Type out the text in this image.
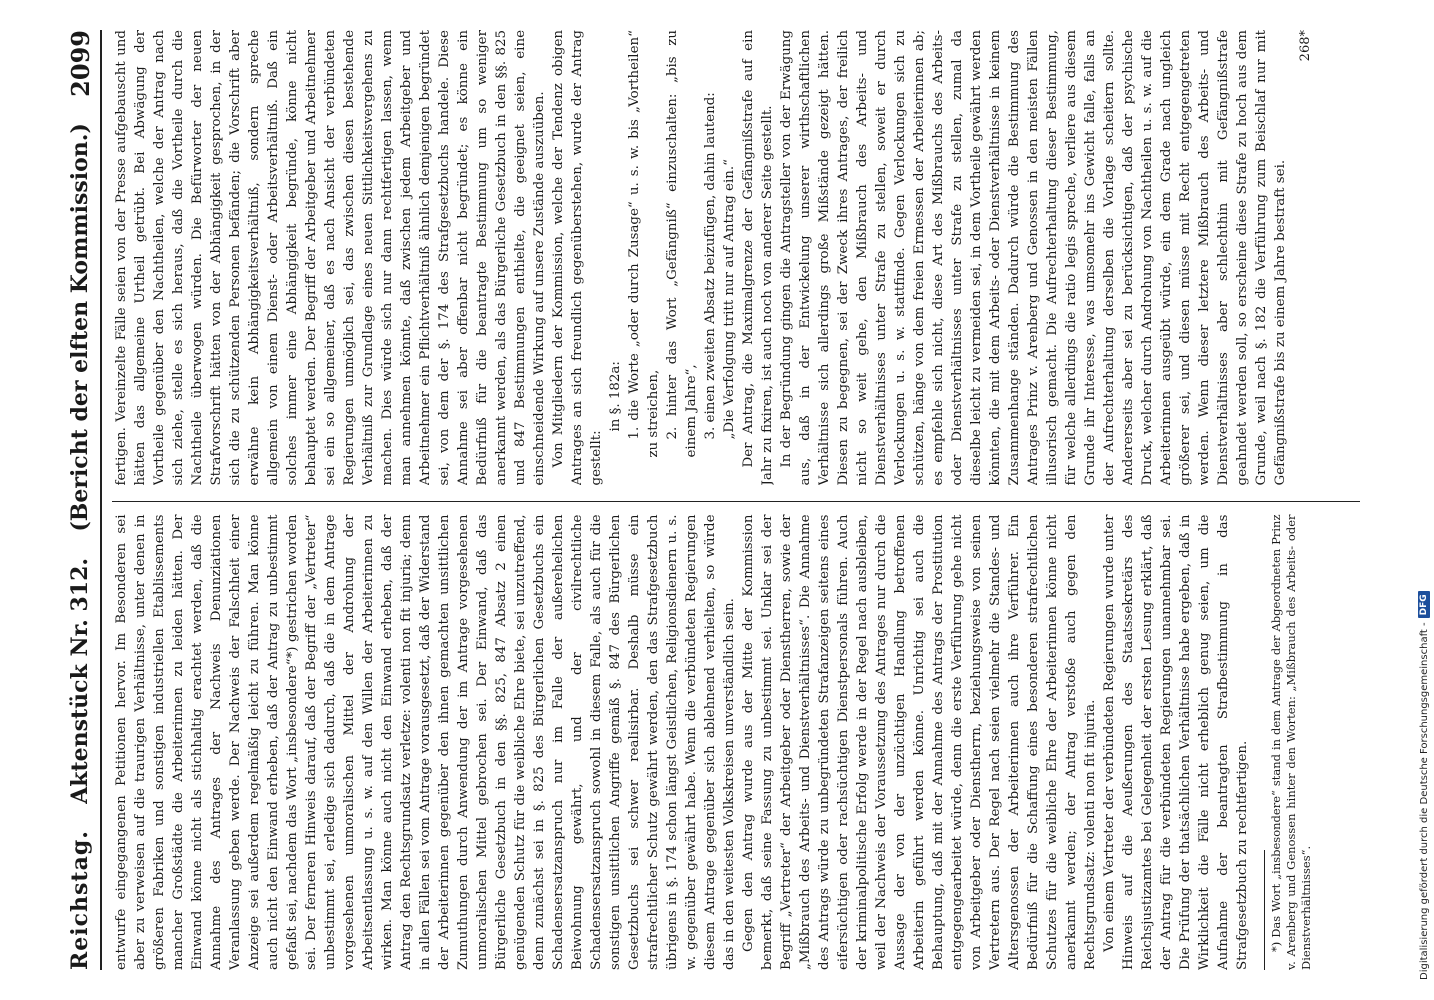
Reichstag.
Aktenstück Nr. 312.
(Bericht der elften Kommission.)
2099

entwurfe eingegangenen Petitionen hervor. Im Besonderen sei aber zu verweisen auf die traurigen Verhältnisse, unter denen in größeren Fabriken und sonstigen industriellen Etablissements mancher Großstädte die Arbeiterinnen zu leiden hätten. Der Einwand könne nicht als stichhaltig erachtet werden, daß die Annahme des Antrages der Nachweis Denunziationen Veranlassung geben werde. Der Nachweis der Falschheit einer Anzeige sei außerdem regelmäßig leicht zu führen. Man könne auch nicht den Einwand erheben, daß der Antrag zu unbestimmt gefaßt sei, nachdem das Wort „insbesondere“*) gestrichen worden sei. Der ferneren Hinweis darauf, daß der Begriff der „Vertreter“ unbestimmt sei, erledige sich dadurch, daß die in dem Antrage vorgesehenen unmoralischen Mittel der Androhung der Arbeitsentlassung u. s. w. auf den Willen der Arbeiterinnen zu wirken. Man könne auch nicht den Einwand erheben, daß der Antrag den Rechtsgrundsatz verletze: volenti non fit injuria; denn in allen Fällen sei vom Antrage vorausgesetzt, daß der Widerstand der Arbeiterinnen gegenüber den ihnen gemachten unsittlichen Zumuthungen durch Anwendung der im Antrage vorgesehenen unmoralischen Mittel gebrochen sei. Der Einwand, daß das Bürgerliche Gesetzbuch in den §§. 825, 847 Absatz 2 einen genügenden Schutz für die weibliche Ehre biete, sei unzutreffend, denn zunächst sei in §. 825 des Bürgerlichen Gesetzbuchs ein Schadensersatzanspruch nur im Falle der außerehelichen Beiwohnung gewährt, und der civilrechtliche Schadensersatzanspruch sowohl in diesem Falle, als auch für die sonstigen unsittlichen Angriffe gemäß §. 847 des Bürgerlichen Gesetzbuchs sei schwer realisirbar. Deshalb müsse ein strafrechtlicher Schutz gewährt werden, den das Strafgesetzbuch übrigens in §. 174 schon längst Geistlichen, Religionsdienern u. s. w. gegenüber gewährt habe. Wenn die verbündeten Regierungen diesem Antrage gegenüber sich ablehnend verhielten, so würde das in den weitesten Volkskreisen unverständlich sein. Gegen den Antrag wurde aus der Mitte der Kommission bemerkt, daß seine Fassung zu unbestimmt sei. Unklar sei der Begriff „Vertreter“ der Arbeitgeber oder Dienstherren, sowie der „Mißbrauch des Arbeits- und Dienstverhältnisses“. Die Annahme des Antrags würde zu unbegründeten Strafanzeigen seitens eines eifersüchtigen oder rachsüchtigen Dienstpersonals führen. Auch der kriminalpolitische Erfolg werde in der Regel nach ausbleiben, weil der Nachweis der Voraussetzung des Antrages nur durch die Aussage der von der unzüchtigen Handlung betroffenen Arbeiterin geführt werden könne. Unrichtig sei auch die Behauptung, daß mit der Annahme des Antrags der Prostitution entgegengearbeitet würde, denn die erste Verführung gehe nicht von Arbeitgeber oder Dienstherrn, beziehungsweise von seinen Vertretern aus. Der Regel nach seien vielmehr die Standes- und Altersgenossen der Arbeiterinnen auch ihre Verführer. Ein Bedürfniß für die Schaffung eines besonderen strafrechtlichen Schutzes für die weibliche Ehre der Arbeiterinnen könne nicht anerkannt werden; der Antrag verstoße auch gegen den Rechtsgrundsatz: volenti non fit injuria. Von einem Vertreter der verbündeten Regierungen wurde unter Hinweis auf die Aeußerungen des Staatssekretärs des Reichsjustizamtes bei Gelegenheit der ersten Lesung erklärt, daß der Antrag für die verbündeten Regierungen unannehmbar sei. Die Prüfung der thatsächlichen Verhältnisse habe ergeben, daß in Wirklichkeit die Fälle nicht erheblich genug seien, um die Aufnahme der beantragten Strafbestimmung in das Strafgesetzbuch zu rechtfertigen. *) Das Wort „insbesondere“ stand in dem Antrage der Abgeordneten Prinz v. Arenberg und Genossen hinter den Worten: „Mißbrauch des Arbeits- oder Dienstverhältnisses“.

fertigen. Vereinzelte Fälle seien von der Presse aufgebauscht und hätten das allgemeine Urtheil getrübt. Bei Abwägung der Vortheile gegenüber den Nachtheilen, welche der Antrag nach sich ziehe, stelle es sich heraus, daß die Vortheile durch die Nachtheile überwogen würden. Die Befürworter der neuen Strafvorschrift hätten von der Abhängigkeit gesprochen, in der sich die zu schützenden Personen befänden; die Vorschrift aber erwähne kein Abhängigkeitsverhältniß, sondern spreche allgemein von einem Dienst- oder Arbeitsverhältniß. Daß ein solches immer eine Abhängigkeit begründe, könne nicht behauptet werden. Der Begriff der Arbeitgeber und Arbeitnehmer sei ein so allgemeiner, daß es nach Ansicht der verbündeten Regierungen unmöglich sei, das zwischen diesen bestehende Verhältniß zur Grundlage eines neuen Sittlichkeitsvergehens zu machen. Dies würde sich nur dann rechtfertigen lassen, wenn man annehmen könnte, daß zwischen jedem Arbeitgeber und Arbeitnehmer ein Pflichtverhältniß ähnlich demjenigen begründet sei, von dem der §. 174 des Strafgesetzbuchs handele. Diese Annahme sei aber offenbar nicht begründet; es könne ein Bedürfniß für die beantragte Bestimmung um so weniger anerkannt werden, als das Bürgerliche Gesetzbuch in den §§. 825 und 847 Bestimmungen enthielte, die geeignet seien, eine einschneidende Wirkung auf unsere Zustände auszuüben. Von Mitgliedern der Kommission, welche der Tendenz obigen Antrages an sich freundlich gegenüberstehen, wurde der Antrag gestellt:

in §. 182a: 1. die Worte „oder durch Zusage“ u. s. w. bis „Vortheilen“ zu streichen, 2. hinter das Wort „Gefängniß“ einzuschalten: „bis zu einem Jahre“, 3. einen zweiten Absatz beizufügen, dahin lautend: „Die Verfolgung tritt nur auf Antrag ein.“ Der Antrag, die Maximalgrenze der Gefängnißstrafe auf ein Jahr zu fixiren, ist auch noch von anderer Seite gestellt. In der Begründung gingen die Antragsteller von der Erwägung aus, daß in der Entwickelung unserer wirthschaftlichen Verhältnisse sich allerdings große Mißstände gezeigt hätten. Diesen zu begegnen, sei der Zweck ihres Antrages, der freilich nicht so weit gehe, den Mißbrauch des Arbeits- und Dienstverhältnisses unter Strafe zu stellen, soweit er durch Verlockungen u. s. w. stattfinde. Gegen Verlockungen sich zu schützen, hänge von dem freien Ermessen der Arbeiterinnen ab; es empfehle sich nicht, diese Art des Mißbrauchs des Arbeits- oder Dienstverhältnisses unter Strafe zu stellen, zumal da dieselbe leicht zu vermeiden sei, in dem Vortheile gewährt werden könnten, die mit dem Arbeits- oder Dienstverhältnisse in keinem Zusammenhange ständen. Dadurch würde die Bestimmung des Antrages Prinz v. Arenberg und Genossen in den meisten Fällen illusorisch gemacht. Die Aufrechterhaltung dieser Bestimmung, für welche allerdings die ratio legis spreche, verliere aus diesem Grunde ihr Interesse, was umsomehr ins Gewicht falle, falls an der Aufrechterhaltung derselben die Vorlage scheitern sollte. Andererseits aber sei zu berücksichtigen, daß der psychische Druck, welcher durch Androhung von Nachtheilen u. s. w. auf die Arbeiterinnen ausgeübt würde, ein dem Grade nach ungleich größerer sei, und diesen müsse mit Recht entgegengetreten werden. Wenn dieser letztere Mißbrauch des Arbeits- und Dienstverhältnisses aber schlechthin mit Gefängnißstrafe geahndet werden soll, so erscheine diese Strafe zu hoch aus dem Grunde, weil nach §. 182 die Verführung zum Beischlaf nur mit Gefängnißstrafe bis zu einem Jahre bestraft sei.

268*
Digitalisierung gefördert durch die Deutsche Forschungsgemeinschaft -
DFG
